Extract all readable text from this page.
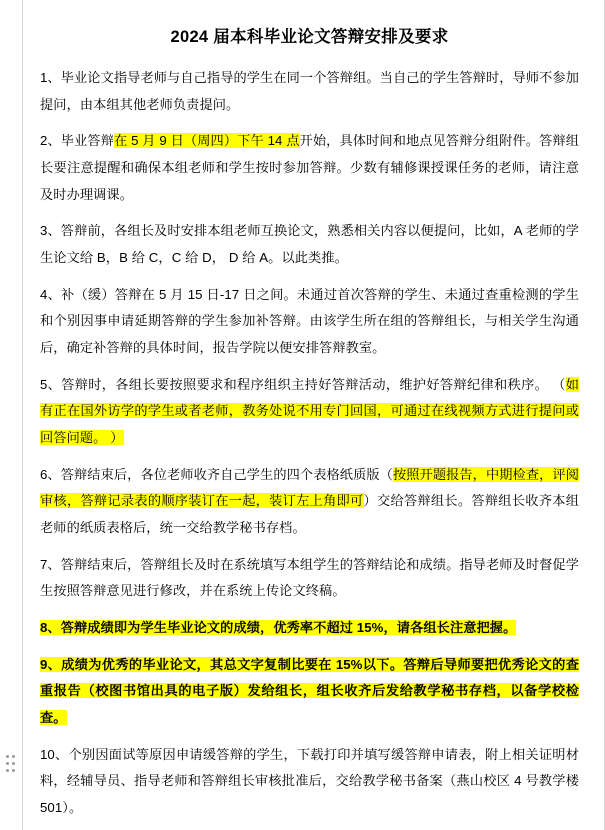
2024 届本科毕业论文答辩安排及要求
1、毕业论文指导老师与自己指导的学生在同一个答辩组。当自己的学生答辩时，导师不参加提问，由本组其他老师负责提问。
2、毕业答辩在 5 月 9 日（周四）下午 14 点开始，具体时间和地点见答辩分组附件。答辩组长要注意提醒和确保本组老师和学生按时参加答辩。少数有辅修课授课任务的老师，请注意及时办理调课。
3、答辩前，各组长及时安排本组老师互换论文，熟悉相关内容以便提问，比如，A 老师的学生论文给 B，B 给 C，C 给 D， D 给 A。以此类推。
4、补（缓）答辩在 5 月 15 日-17 日之间。未通过首次答辩的学生、未通过查重检测的学生和个别因事申请延期答辩的学生参加补答辩。由该学生所在组的答辩组长，与相关学生沟通后，确定补答辩的具体时间，报告学院以便安排答辩教室。
5、答辩时，各组长要按照要求和程序组织主持好答辩活动，维护好答辩纪律和秩序。 （如有正在国外访学的学生或者老师，教务处说不用专门回国，可通过在线视频方式进行提问或回答问题。 ）
6、答辩结束后，各位老师收齐自己学生的四个表格纸质版（按照开题报告，中期检查，评阅审核，答辩记录表的顺序装订在一起，装订左上角即可）交给答辩组长。答辩组长收齐本组老师的纸质表格后，统一交给教学秘书存档。
7、答辩结束后，答辩组长及时在系统填写本组学生的答辩结论和成绩。指导老师及时督促学生按照答辩意见进行修改，并在系统上传论文终稿。
8、答辩成绩即为学生毕业论文的成绩，优秀率不超过 15%，请各组长注意把握。
9、成绩为优秀的毕业论文，其总文字复制比要在 15%以下。答辩后导师要把优秀论文的查重报告（校图书馆出具的电子版）发给组长，组长收齐后发给教学秘书存档，以备学校检查。
10、个别因面试等原因申请缓答辩的学生，下载打印并填写缓答辩申请表，附上相关证明材料，经辅导员、指导老师和答辩组长审核批准后，交给教学秘书备案（燕山校区 4 号教学楼 501）。
